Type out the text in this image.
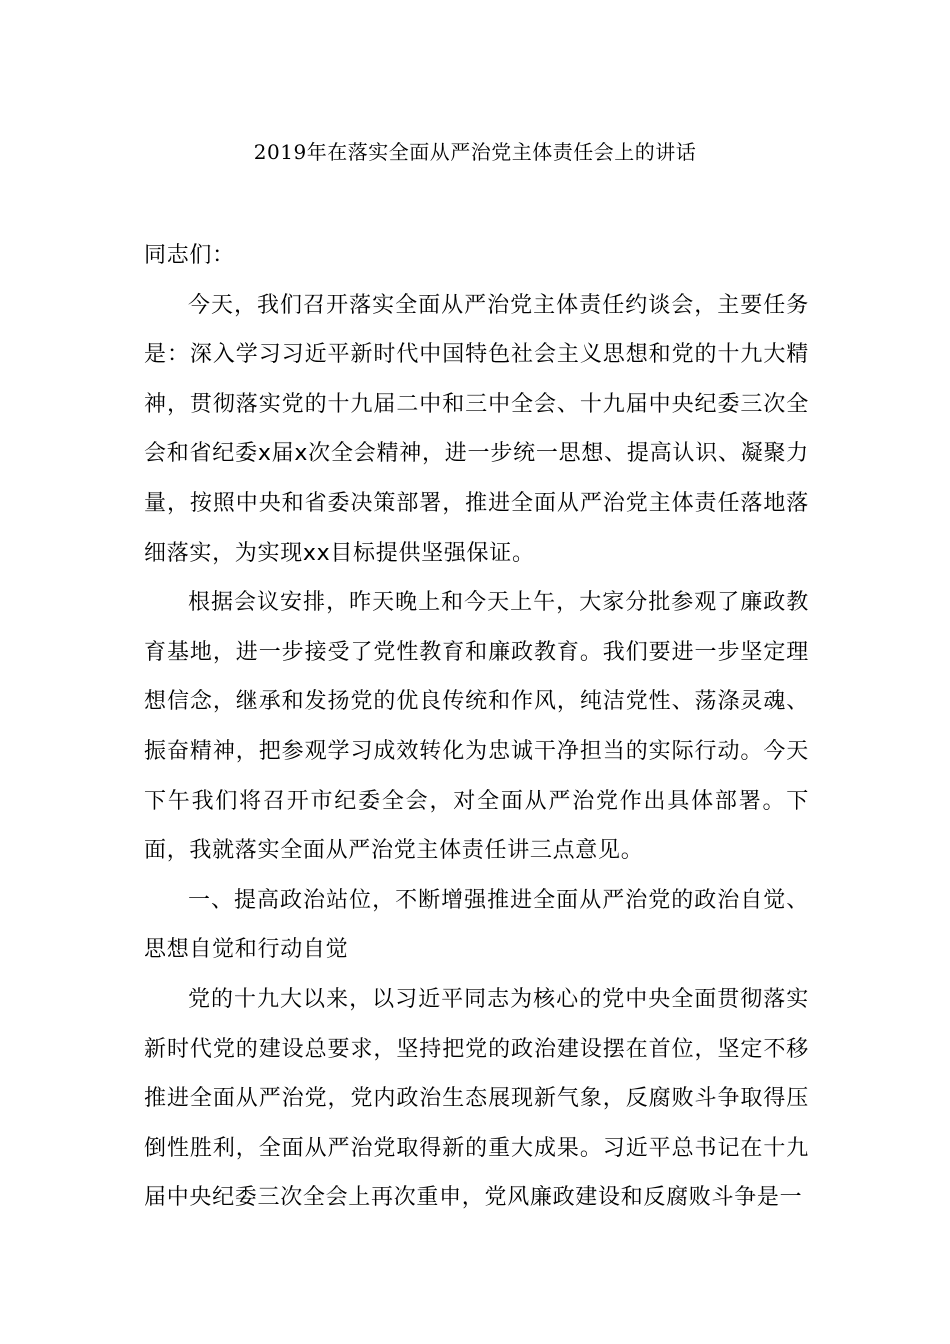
2019年在落实全面从严治党主体责任会上的讲话

同志们：

今天，我们召开落实全面从严治党主体责任约谈会，主要任务是：深入学习习近平新时代中国特色社会主义思想和党的十九大精神，贯彻落实党的十九届二中和三中全会、十九届中央纪委三次全会和省纪委x届x次全会精神，进一步统一思想、提高认识、凝聚力量，按照中央和省委决策部署，推进全面从严治党主体责任落地落细落实，为实现xx目标提供坚强保证。

根据会议安排，昨天晚上和今天上午，大家分批参观了廉政教育基地，进一步接受了党性教育和廉政教育。我们要进一步坚定理想信念，继承和发扬党的优良传统和作风，纯洁党性、荡涤灵魂、振奋精神，把参观学习成效转化为忠诚干净担当的实际行动。今天下午我们将召开市纪委全会，对全面从严治党作出具体部署。下面，我就落实全面从严治党主体责任讲三点意见。

一、提高政治站位，不断增强推进全面从严治党的政治自觉、思想自觉和行动自觉

党的十九大以来，以习近平同志为核心的党中央全面贯彻落实新时代党的建设总要求，坚持把党的政治建设摆在首位，坚定不移推进全面从严治党，党内政治生态展现新气象，反腐败斗争取得压倒性胜利，全面从严治党取得新的重大成果。习近平总书记在十九届中央纪委三次全会上再次重申，党风廉政建设和反腐败斗争是一
